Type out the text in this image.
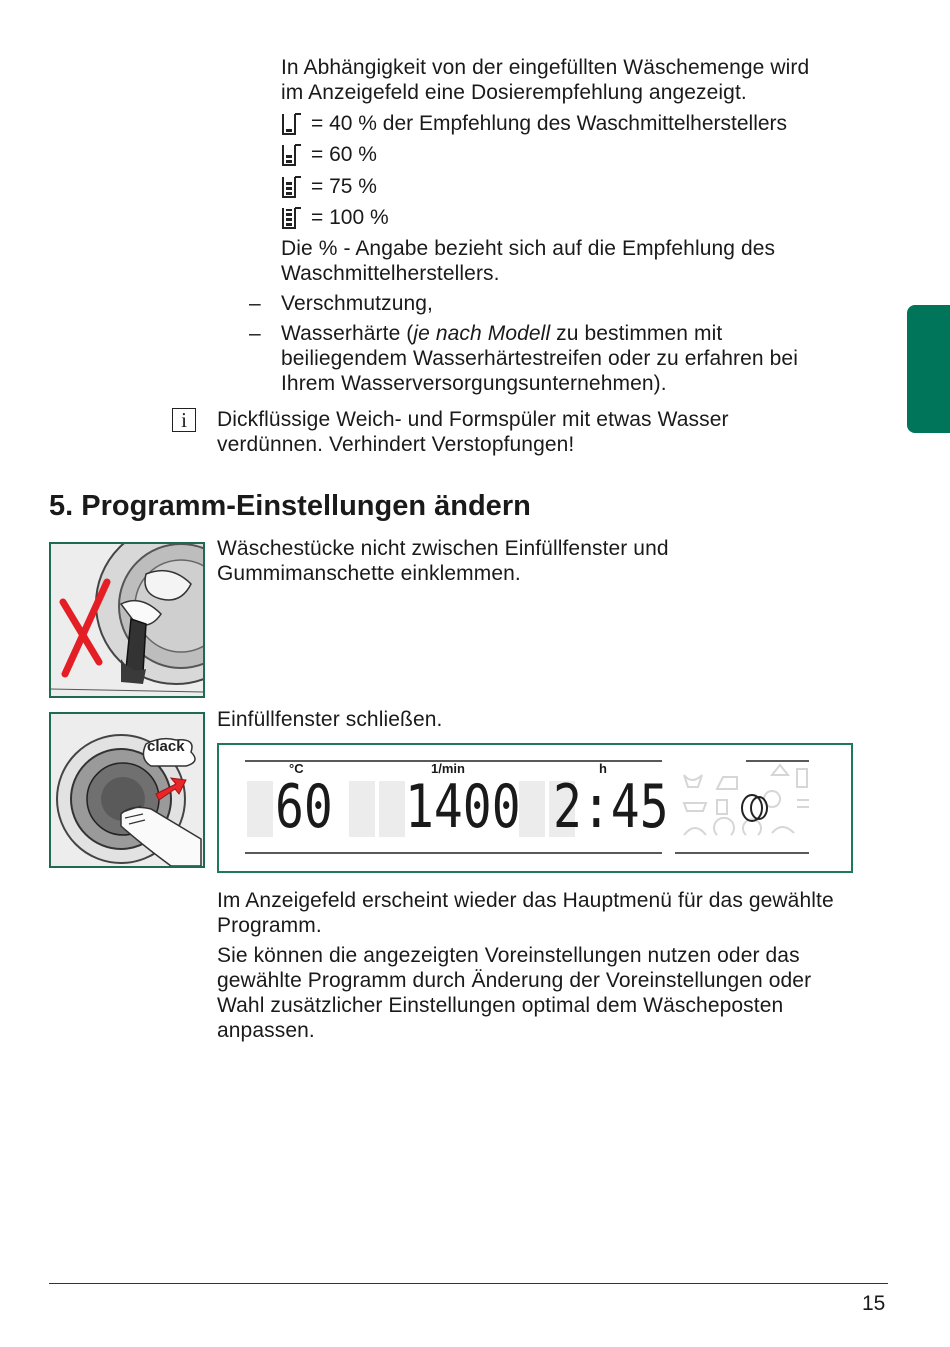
In Abhängigkeit von der eingefüllten Wäschemenge wird
im Anzeigefeld eine Dosierempfehlung angezeigt.
= 40 % der Empfehlung des Waschmittelherstellers
= 60 %
= 75 %
= 100 %
Die % - Angabe bezieht sich auf die Empfehlung des
Waschmittelherstellers.
– Verschmutzung,
– Wasserhärte (je nach Modell zu bestimmen mit
beiliegendem Wasserhärtestreifen oder zu erfahren bei
Ihrem Wasserversorgungsunternehmen).
i	Dickflüssige Weich- und Formspüler mit etwas Wasser
verdünnen. Verhindert Verstopfungen!
5. Programm-Einstellungen ändern
Wäschestücke nicht zwischen Einfüllfenster und
Gummimanschette einklemmen.
clack
Einfüllfenster schließen.
°C	1/min	h
60 1400 2:45
Im Anzeigefeld erscheint wieder das Hauptmenü für das gewählte
Programm.
Sie können die angezeigten Voreinstellungen nutzen oder das
gewählte Programm durch Änderung der Voreinstellungen oder
Wahl zusätzlicher Einstellungen optimal dem Wäscheposten
anpassen.
15
